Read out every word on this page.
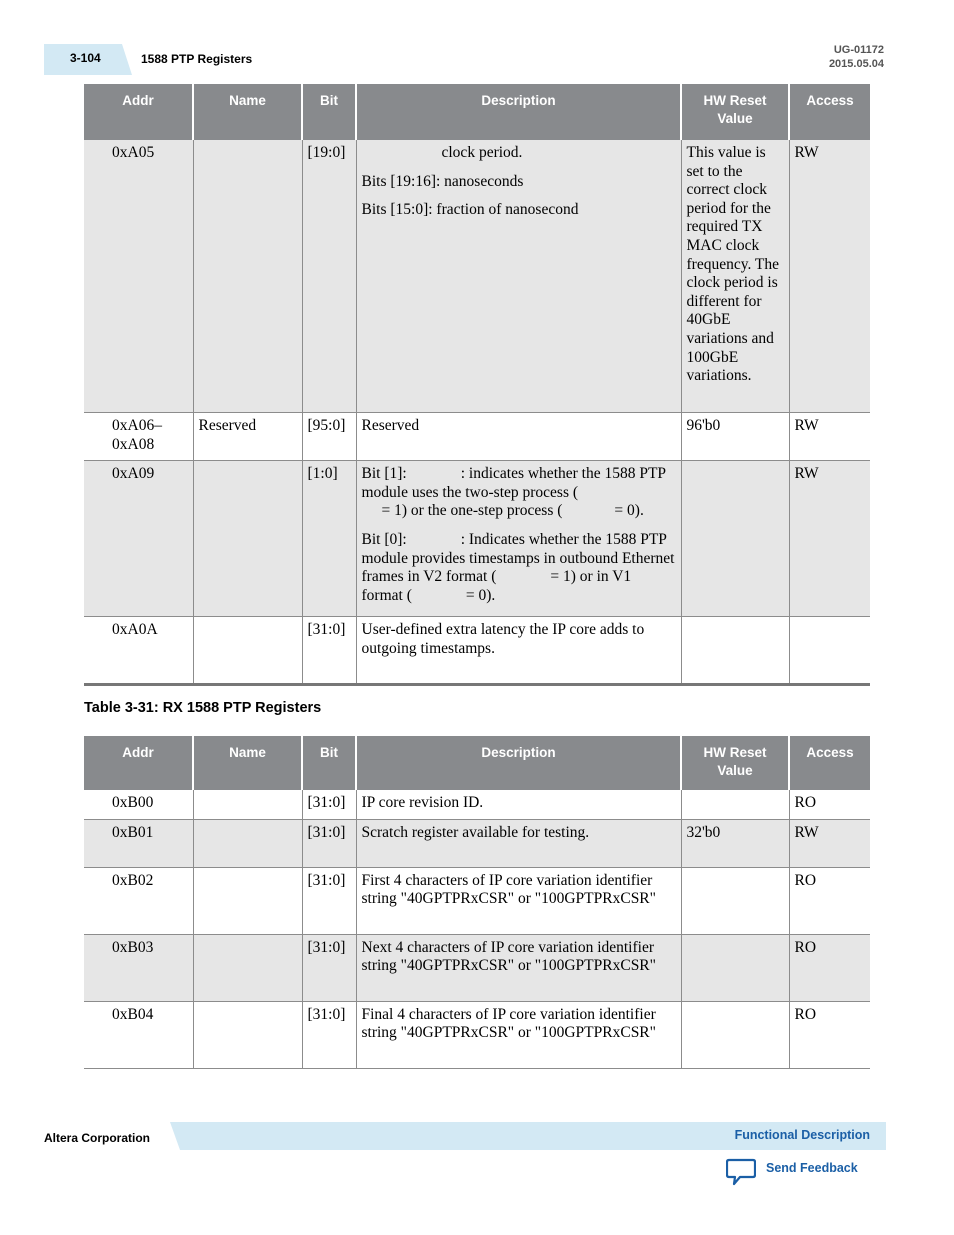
3-104	1588 PTP Registers
UG-01172
2015.05.04
Addr	Name	Bit	Description	HW Reset Value	Access
0xA05		[19:0]	clock period.

Bits [19:16]: nanoseconds

Bits [15:0]: fraction of nanosecond	This value is set to the correct clock period for the required TX MAC clock frequency. The clock period is different for 40GbE variations and 100GbE variations.	RW
0xA06–0xA08	Reserved	[95:0]	Reserved	96'b0	RW
0xA09		[1:0]	Bit [1]: : indicates whether the 1588 PTP module uses the two-step process (
= 1) or the one-step process ( = 0).

Bit [0]: : Indicates whether the 1588 PTP module provides timestamps in outbound Ethernet frames in V2 format ( = 1) or in V1 format ( = 0).		RW
0xA0A		[31:0]	User-defined extra latency the IP core adds to outgoing timestamps.		
Table 3-31: RX 1588 PTP Registers
Addr	Name	Bit	Description	HW Reset Value	Access
0xB00		[31:0]	IP core revision ID.		RO
0xB01		[31:0]	Scratch register available for testing.	32'b0	RW
0xB02		[31:0]	First 4 characters of IP core variation identifier string "40GPTPRxCSR" or "100GPTPRxCSR"		RO
0xB03		[31:0]	Next 4 characters of IP core variation identifier string "40GPTPRxCSR" or "100GPTPRxCSR"		RO
0xB04		[31:0]	Final 4 characters of IP core variation identifier string "40GPTPRxCSR" or "100GPTPRxCSR"		RO
Altera Corporation	Functional Description
Send Feedback
